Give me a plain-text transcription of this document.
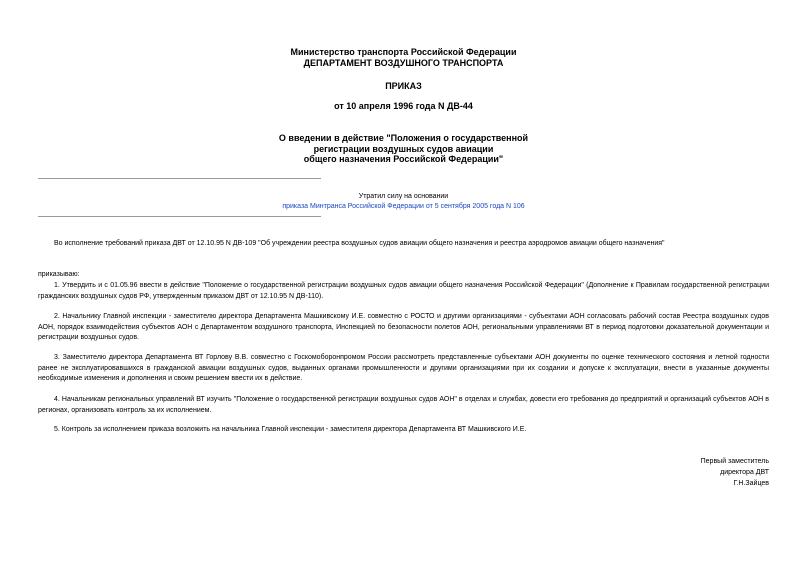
Министерство транспорта Российской Федерации
ДЕПАРТАМЕНТ ВОЗДУШНОГО ТРАНСПОРТА
ПРИКАЗ
от 10 апреля 1996 года N ДВ-44
О введении в действие "Положения о государственной
регистрации воздушных судов авиации
общего назначения Российской Федерации"
Утратил силу на основании
приказа Минтранса Российской Федерации от 5 сентября 2005 года N 106
Во исполнение требований приказа ДВТ от 12.10.95 N ДВ-109 "Об учреждении реестра воздушных судов авиации общего назначения и реестра аэродромов авиации общего назначения"
приказываю:
1. Утвердить и с 01.05.96 ввести в действие "Положение о государственной регистрации воздушных судов авиации общего назначения Российской Федерации" (Дополнение к Правилам государственной регистрации гражданских воздушных судов РФ, утвержденным приказом ДВТ от 12.10.95 N ДВ-110).
2. Начальнику Главной инспекции - заместителю директора Департамента Машкивскому И.Е. совместно с РОСТО и другими организациями - субъектами АОН согласовать рабочий состав Реестра воздушных судов АОН, порядок взаимодействия субъектов АОН с Департаментом воздушного транспорта, Инспекцией по безопасности полетов АОН, региональными управлениями ВТ в период подготовки доказательной документации и регистрации воздушных судов.
3. Заместителю директора Департамента ВТ Горлову В.В. совместно с Госкомоборонпромом России рассмотреть представленные субъектами АОН документы по оценке технического состояния и летной годности ранее не эксплуатировавшихся в гражданской авиации воздушных судов, выданных органами промышленности и другими организациями при их создании и допуске к эксплуатации, внести в указанные документы необходимые изменения и дополнения и своим решением ввести их в действие.
4. Начальникам региональных управлений ВТ изучить "Положение о государственной регистрации воздушных судов АОН" в отделах и службах, довести его требования до предприятий и организаций субъектов АОН в регионах, организовать контроль за их исполнением.
5. Контроль за исполнением приказа возложить на начальника Главной инспекции - заместителя директора Департамента ВТ Машкивского И.Е.
Первый заместитель
директора ДВТ
Г.Н.Зайцев
